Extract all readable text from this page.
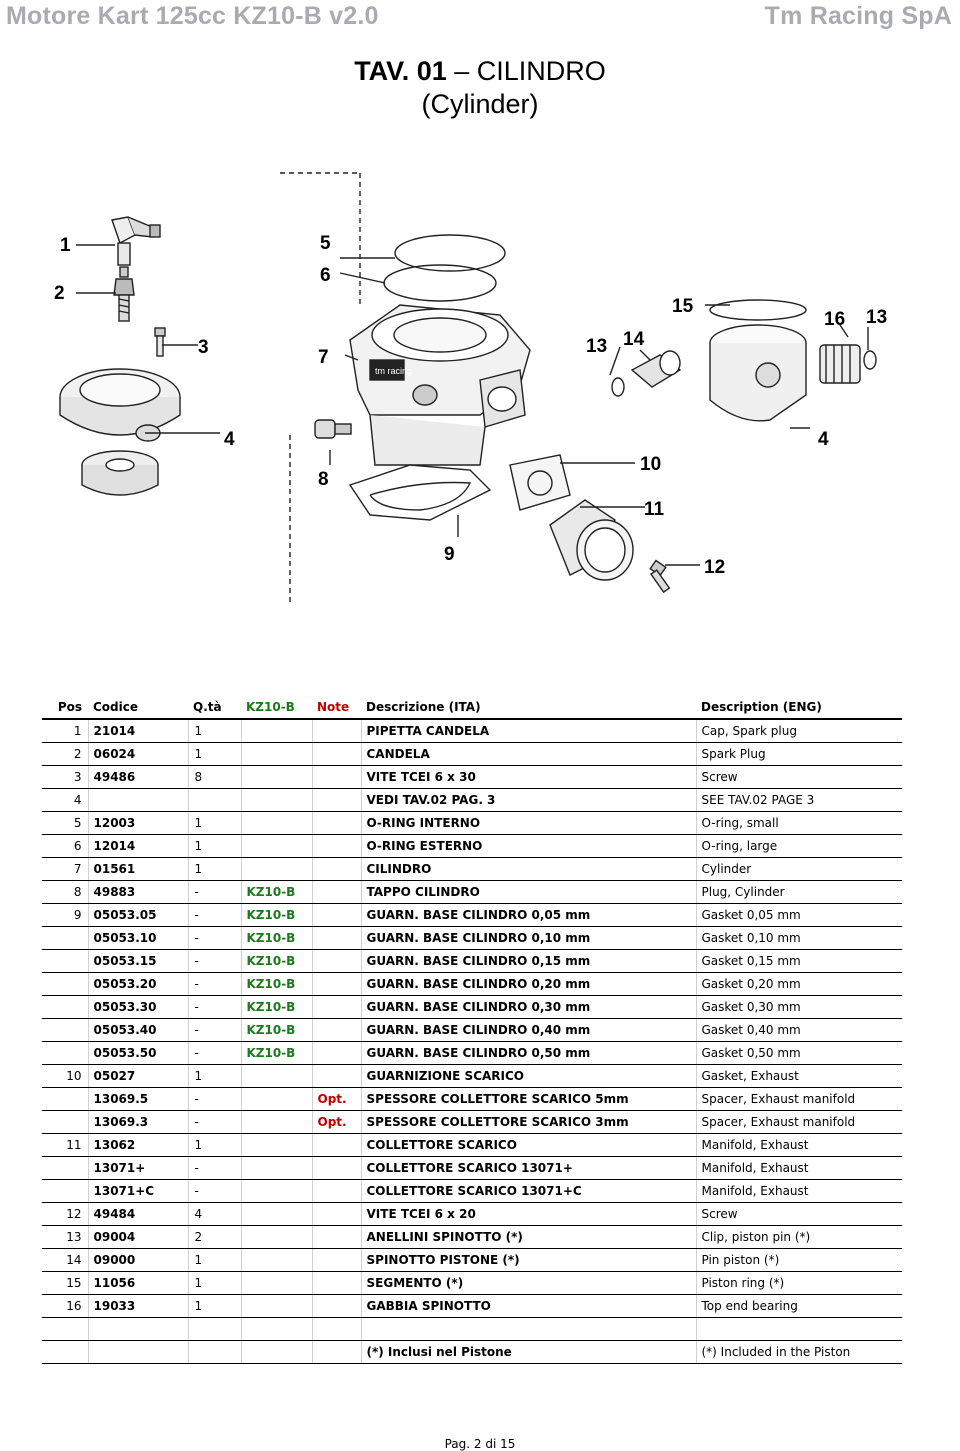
Motore Kart 125cc KZ10-B v2.0	Tm Racing SpA
TAV. 01 – CILINDRO
(Cylinder)
tm racing
1
2
3
4
5
6
7
8
9
10
11
12
13 14
15
16 13
4
Pos	Codice	Q.tà	KZ10-B	Note	Descrizione (ITA)	Description (ENG)
1	21014	1			PIPETTA CANDELA	Cap, Spark plug
2	06024	1			CANDELA	Spark Plug
3	49486	8			VITE TCEI 6 x 30	Screw
4					VEDI TAV.02 PAG. 3	SEE TAV.02 PAGE 3
5	12003	1			O-RING INTERNO	O-ring, small
6	12014	1			O-RING ESTERNO	O-ring, large
7	01561	1			CILINDRO	Cylinder
8	49883	-	KZ10-B		TAPPO CILINDRO	Plug, Cylinder
9	05053.05	-	KZ10-B		GUARN. BASE CILINDRO 0,05 mm	Gasket 0,05 mm
	05053.10	-	KZ10-B		GUARN. BASE CILINDRO 0,10 mm	Gasket 0,10 mm
	05053.15	-	KZ10-B		GUARN. BASE CILINDRO 0,15 mm	Gasket 0,15 mm
	05053.20	-	KZ10-B		GUARN. BASE CILINDRO 0,20 mm	Gasket 0,20 mm
	05053.30	-	KZ10-B		GUARN. BASE CILINDRO 0,30 mm	Gasket 0,30 mm
	05053.40	-	KZ10-B		GUARN. BASE CILINDRO 0,40 mm	Gasket 0,40 mm
	05053.50	-	KZ10-B		GUARN. BASE CILINDRO 0,50 mm	Gasket 0,50 mm
10	05027	1			GUARNIZIONE SCARICO	Gasket, Exhaust
	13069.5	-		Opt.	SPESSORE COLLETTORE SCARICO 5mm	Spacer, Exhaust manifold
	13069.3	-		Opt.	SPESSORE COLLETTORE SCARICO 3mm	Spacer, Exhaust manifold
11	13062	1			COLLETTORE SCARICO	Manifold, Exhaust
	13071+	-			COLLETTORE SCARICO 13071+	Manifold, Exhaust
	13071+C	-			COLLETTORE SCARICO 13071+C	Manifold, Exhaust
12	49484	4			VITE TCEI 6 x 20	Screw
13	09004	2			ANELLINI SPINOTTO (*)	Clip, piston pin (*)
14	09000	1			SPINOTTO PISTONE (*)	Pin piston (*)
15	11056	1			SEGMENTO (*)	Piston ring (*)
16	19033	1			GABBIA SPINOTTO	Top end bearing

					(*) Inclusi nel Pistone	(*) Included in the Piston
Pag. 2 di 15
